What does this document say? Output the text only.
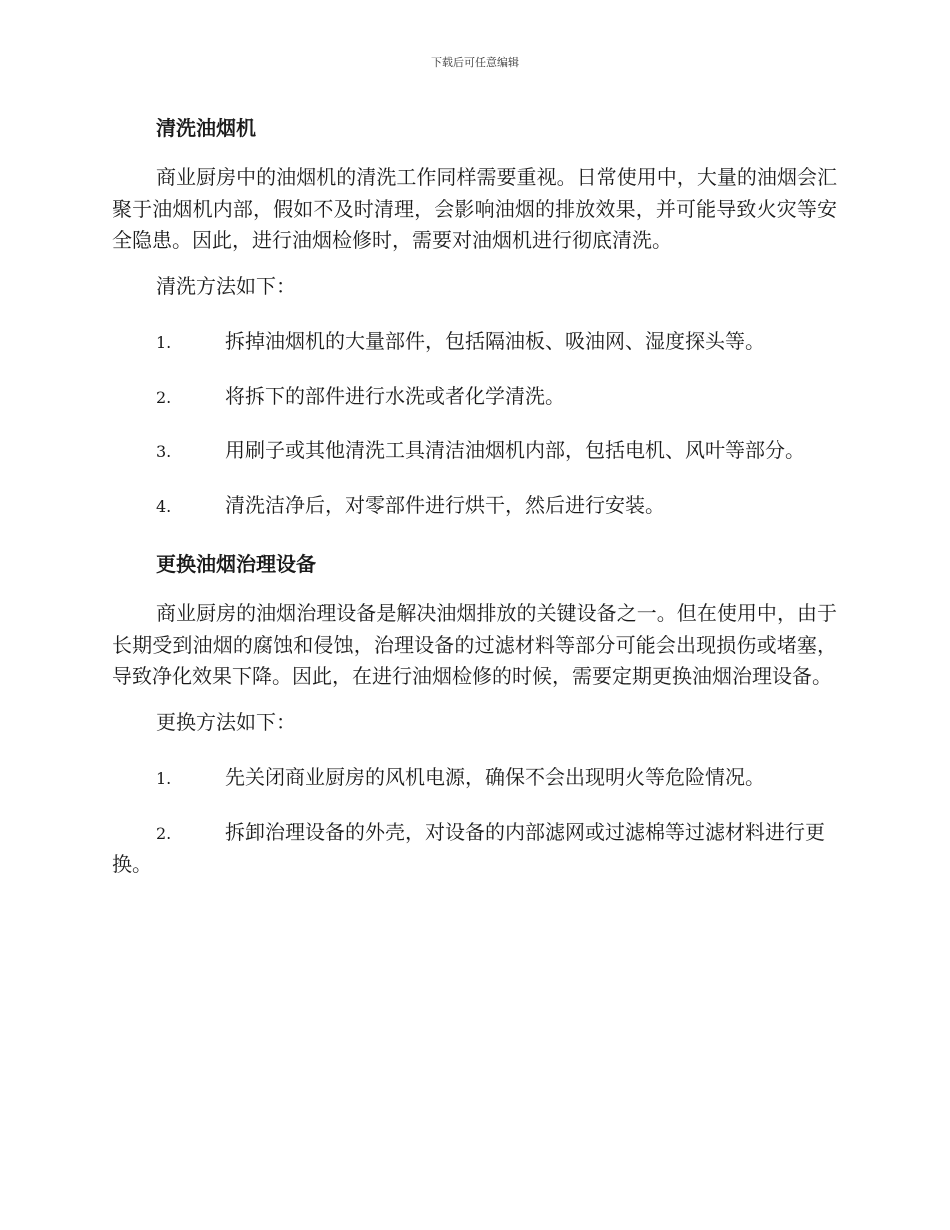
下载后可任意编辑
清洗油烟机
商业厨房中的油烟机的清洗工作同样需要重视。日常使用中，大量的油烟会汇聚于油烟机内部，假如不及时清理，会影响油烟的排放效果，并可能导致火灾等安全隐患。因此，进行油烟检修时，需要对油烟机进行彻底清洗。
清洗方法如下：
1.	拆掉油烟机的大量部件，包括隔油板、吸油网、湿度探头等。
2.	将拆下的部件进行水洗或者化学清洗。
3.	用刷子或其他清洗工具清洁油烟机内部，包括电机、风叶等部分。
4.	清洗洁净后，对零部件进行烘干，然后进行安装。
更换油烟治理设备
商业厨房的油烟治理设备是解决油烟排放的关键设备之一。但在使用中，由于长期受到油烟的腐蚀和侵蚀，治理设备的过滤材料等部分可能会出现损伤或堵塞，导致净化效果下降。因此，在进行油烟检修的时候，需要定期更换油烟治理设备。
更换方法如下：
1.	先关闭商业厨房的风机电源，确保不会出现明火等危险情况。
2.	拆卸治理设备的外壳，对设备的内部滤网或过滤棉等过滤材料进行更换。
